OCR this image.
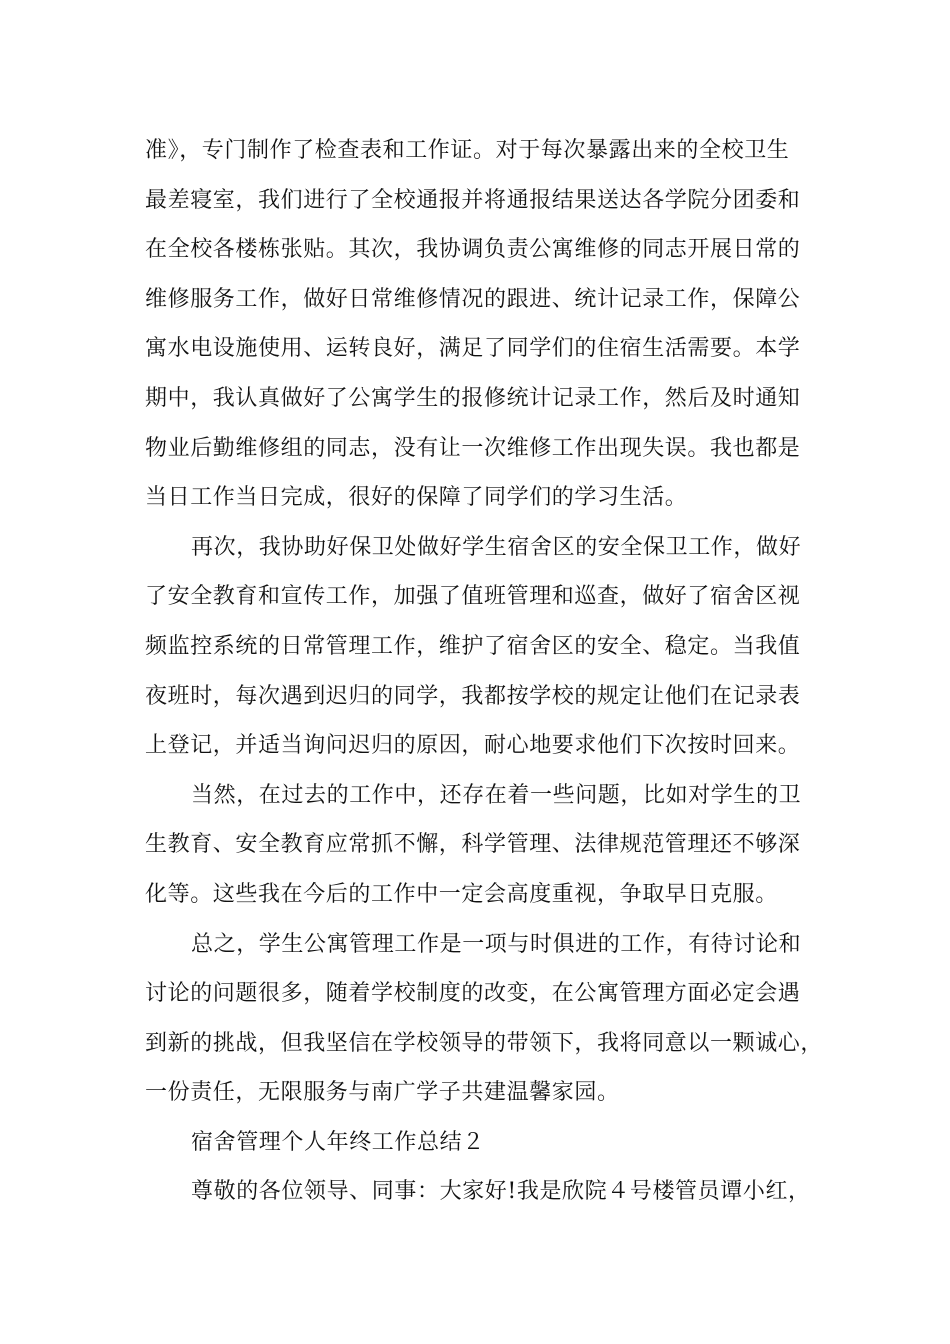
准》，专门制作了检查表和工作证。对于每次暴露出来的全校卫生
最差寝室，我们进行了全校通报并将通报结果送达各学院分团委和
在全校各楼栋张贴。其次，我协调负责公寓维修的同志开展日常的
维修服务工作，做好日常维修情况的跟进、统计记录工作，保障公
寓水电设施使用、运转良好，满足了同学们的住宿生活需要。本学
期中，我认真做好了公寓学生的报修统计记录工作，然后及时通知
物业后勤维修组的同志，没有让一次维修工作出现失误。我也都是
当日工作当日完成，很好的保障了同学们的学习生活。
再次，我协助好保卫处做好学生宿舍区的安全保卫工作，做好
了安全教育和宣传工作，加强了值班管理和巡查，做好了宿舍区视
频监控系统的日常管理工作，维护了宿舍区的安全、稳定。当我值
夜班时，每次遇到迟归的同学，我都按学校的规定让他们在记录表
上登记，并适当询问迟归的原因，耐心地要求他们下次按时回来。
当然，在过去的工作中，还存在着一些问题，比如对学生的卫
生教育、安全教育应常抓不懈，科学管理、法律规范管理还不够深
化等。这些我在今后的工作中一定会高度重视，争取早日克服。
总之，学生公寓管理工作是一项与时俱进的工作，有待讨论和
讨论的问题很多，随着学校制度的改变，在公寓管理方面必定会遇
到新的挑战，但我坚信在学校领导的带领下，我将同意以一颗诚心，
一份责任，无限服务与南广学子共建温馨家园。
宿舍管理个人年终工作总结２
尊敬的各位领导、同事：大家好!我是欣院４号楼管员谭小红，
